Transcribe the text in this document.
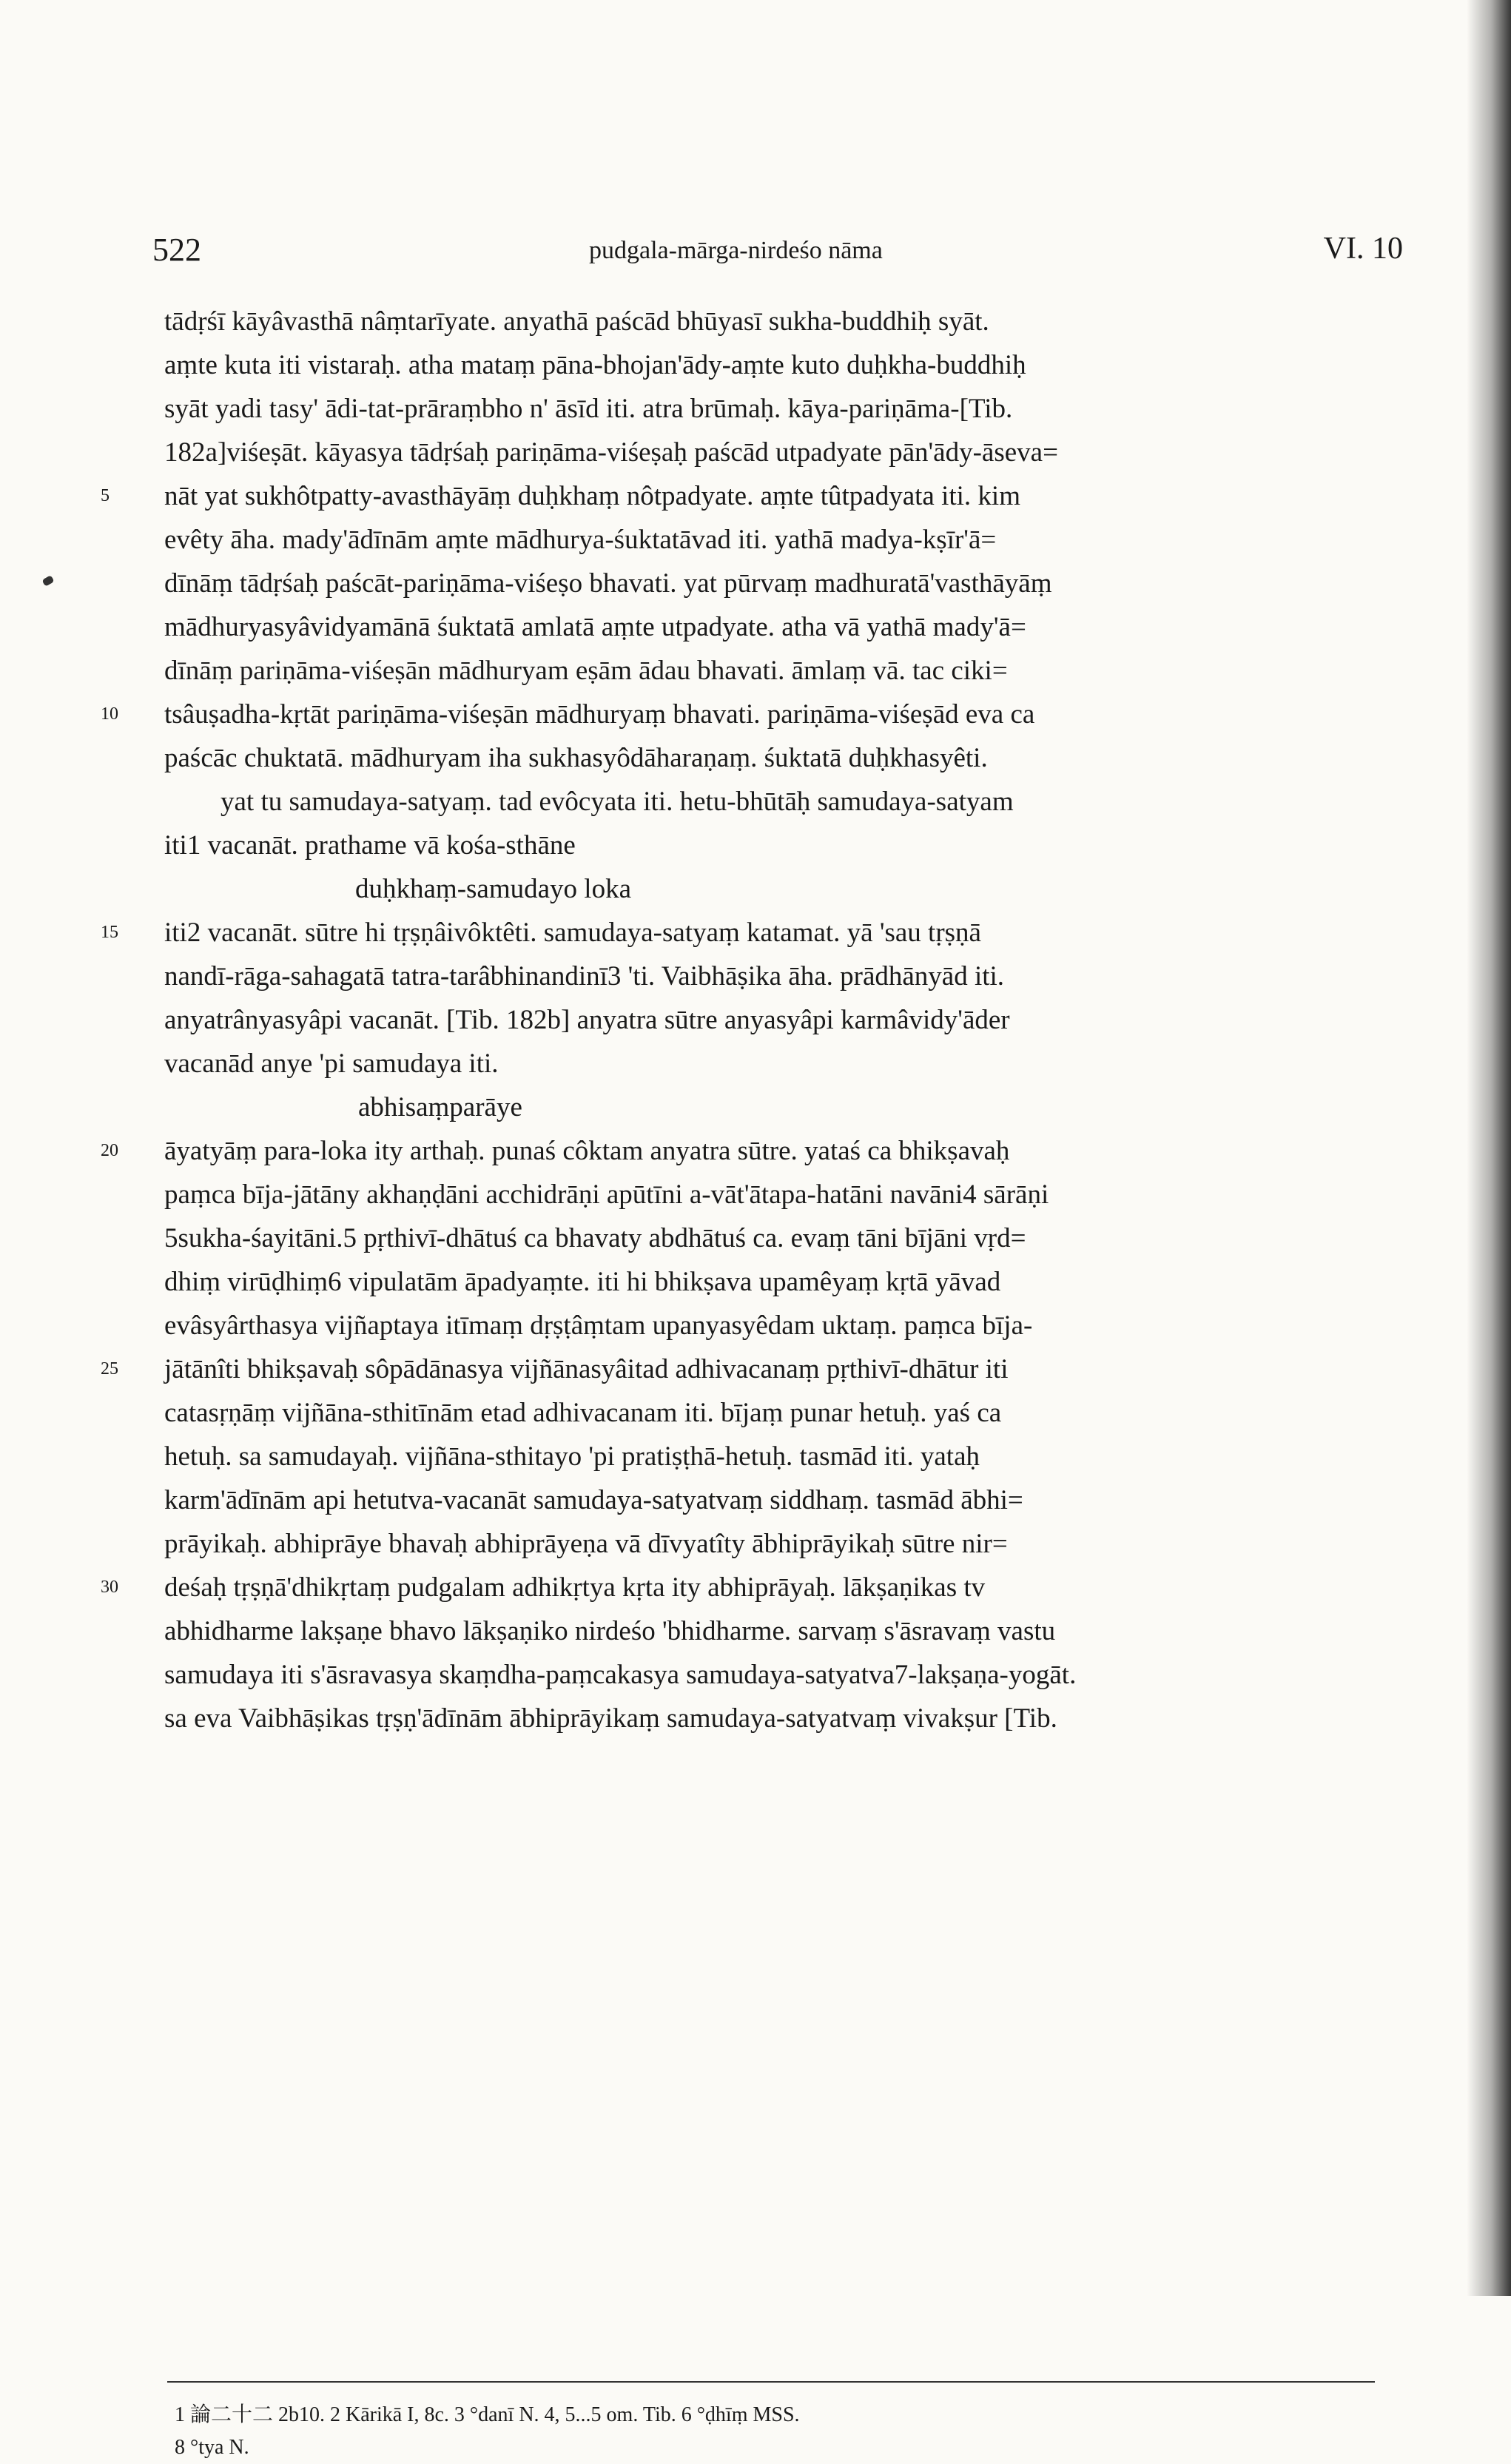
522	pudgala-mārga-nirdeśo nāma	VI. 10
tādṛśī kāyâvasthā nâṃtarīyate. anyathā paścād bhūyasī sukha-buddhiḥ syāt.
aṃte kuta iti vistaraḥ. atha mataṃ pāna-bhojan'ādy-aṃte kuto duḥkha-buddhiḥ
syāt yadi tasy' ādi-tat-prāraṃbho n' āsīd iti. atra brūmaḥ. kāya-pariṇāma-[Tib.
182a]viśeṣāt. kāyasya tādṛśaḥ pariṇāma-viśeṣaḥ paścād utpadyate pān'ādy-āseva=
5	nāt yat sukhôtpatty-avasthāyāṃ duḥkhaṃ nôtpadyate. aṃte tûtpadyata iti. kim
evêty āha. mady'ādīnām aṃte mādhurya-śuktatāvad iti. yathā madya-kṣīr'ā=
dīnāṃ tādṛśaḥ paścāt-pariṇāma-viśeṣo bhavati. yat pūrvaṃ madhuratā'vasthāyāṃ
mādhuryasyâvidyamānā śuktatā amlatā aṃte utpadyate. atha vā yathā mady'ā=
dīnāṃ pariṇāma-viśeṣān mādhuryam eṣām ādau bhavati. āmlaṃ vā. tac ciki=
10	tsâuṣadha-kṛtāt pariṇāma-viśeṣān mādhuryaṃ bhavati. pariṇāma-viśeṣād eva ca
paścāc chuktatā. mādhuryam iha sukhasyôdāharaṇaṃ. śuktatā duḥkhasyêti.
yat tu samudaya-satyaṃ. tad evôcyata iti. hetu-bhūtāḥ samudaya-satyam
iti1 vacanāt. prathame vā kośa-sthāne
duḥkhaṃ-samudayo loka
15	iti2 vacanāt. sūtre hi tṛṣṇâivôktêti. samudaya-satyaṃ katamat. yā 'sau tṛṣṇā
nandī-rāga-sahagatā tatra-tarâbhinandinī3 'ti. Vaibhāṣika āha. prādhānyād iti.
anyatrânyasyâpi vacanāt. [Tib. 182b] anyatra sūtre anyasyâpi karmâvidy'āder
vacanād anye 'pi samudaya iti.
abhisaṃparāye
20	āyatyāṃ para-loka ity arthaḥ. punaś côktam anyatra sūtre. yataś ca bhikṣavaḥ
paṃca bīja-jātāny akhaṇḍāni acchidrāṇi apūtīni a-vāt'ātapa-hatāni navāni4 sārāṇi
5sukha-śayitāni.5 pṛthivī-dhātuś ca bhavaty abdhātuś ca. evaṃ tāni bījāni vṛd=
dhiṃ virūḍhiṃ6 vipulatām āpadyaṃte. iti hi bhikṣava upamêyaṃ kṛtā yāvad
evâsyârthasya vijñaptaya itīmaṃ dṛṣṭâṃtam upanyasyêdam uktaṃ. paṃca bīja-
25	jātānîti bhikṣavaḥ sôpādānasya vijñānasyâitad adhivacanaṃ pṛthivī-dhātur iti
catasṛṇāṃ vijñāna-sthitīnām etad adhivacanam iti. bījaṃ punar hetuḥ. yaś ca
hetuḥ. sa samudayaḥ. vijñāna-sthitayo 'pi pratiṣṭhā-hetuḥ. tasmād iti. yataḥ
karm'ādīnām api hetutva-vacanāt samudaya-satyatvaṃ siddhaṃ. tasmād ābhi=
prāyikaḥ. abhiprāye bhavaḥ abhiprāyeṇa vā dīvyatîty ābhiprāyikaḥ sūtre nir=
30	deśaḥ tṛṣṇā'dhikṛtaṃ pudgalam adhikṛtya kṛta ity abhiprāyaḥ. lākṣaṇikas tv
abhidharme lakṣaṇe bhavo lākṣaṇiko nirdeśo 'bhidharme. sarvaṃ s'āsravaṃ vastu
samudaya iti s'āsravasya skaṃdha-paṃcakasya samudaya-satyatva7-lakṣaṇa-yogāt.
sa eva Vaibhāṣikas tṛṣṇ'ādīnām ābhiprāyikaṃ samudaya-satyatvaṃ vivakṣur [Tib.
1 論二十二 2b10. 2 Kārikā I, 8c. 3 °danī N. 4, 5...5 om. Tib. 6 °ḍhīṃ MSS.
8 °tya N.
